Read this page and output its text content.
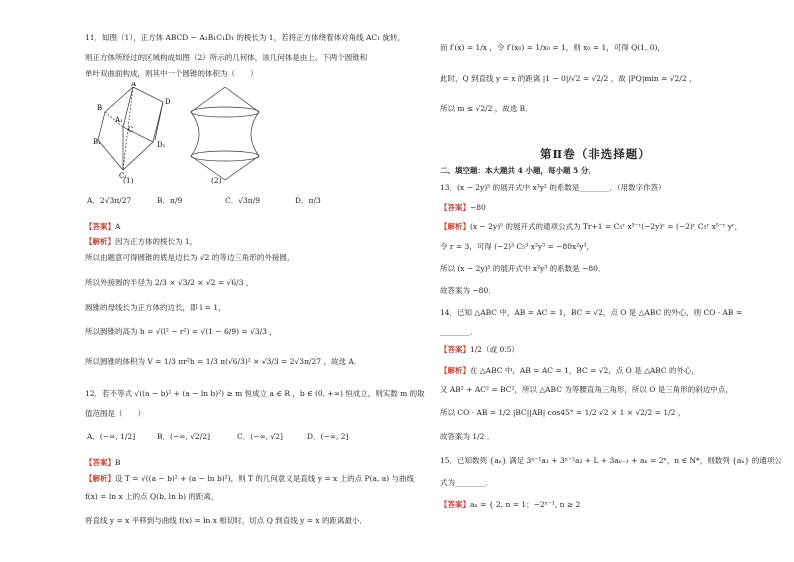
11．如图（1），正方体 ABCD − A₁B₁C₁D₁ 的棱长为 1，若将正方体绕着体对角线 AC₁ 旋转，
则正方体所经过的区域构成如图（2）所示的几何体，该几何体是由上、下两个圆锥和
单叶双曲面构成，则其中一个圆锥的体积为（　　）
A
B
A₁
D
B₁
C
D₁
C₁
(1)	(2)
A．2√3π/27	B．π/9	C．√3π/9	D．π/3
【答案】A
【解析】因为正方体的棱长为 1，
所以由题意可得圆锥的底是边长为 √2 的等边三角形的外接圆，
所以外接圆的半径为 2/3 × √3/2 × √2 = √6/3 ，
圆锥的母线长为正方体的边长，即 l = 1，
所以圆锥的高为 h = √(l² − r²) = √(1 − 6/9) = √3/3 ，
所以圆锥的体积为 V = 1/3 πr²h = 1/3 π(√6/3)² × √3/3 = 2√3π/27 ，故选 A．
12．若不等式 √((a − b)² + (a − ln b)²) ≥ m 恒成立 a ∈ R ，b ∈ (0, +∞) 恒成立，则实数 m 的取
值范围是（　　）
A．(−∞, 1/2]	B．(−∞, √2/2]	C．(−∞, √2]	D．(−∞, 2]
【答案】B
【解析】设 T = √((a − b)² + (a − ln b)²)，则 T 的几何意义是直线 y = x 上的点 P(a, a) 与曲线
f(x) = ln x 上的点 Q(b, ln b) 的距离，
将直线 y = x 平移到与曲线 f(x) = ln x 相切时，切点 Q 到直线 y = x 的距离最小．
而 f′(x) = 1/x ，令 f′(x₀) = 1/x₀ = 1，则 x₀ = 1，可得 Q(1, 0)，
此时，Q 到直线 y = x 的距离 |1 − 0|/√2 = √2/2 ，故 |PQ|min = √2/2 ，
所以 m ≤ √2/2 ，故选 B．
第Ⅱ卷（非选择题）
二、填空题：本大题共 4 小题，每小题 5 分．
13．(x − 2y)⁵ 的展开式中 x³y² 的系数是________．（用数字作答）
【答案】−80
【解析】(x − 2y)⁵ 的展开式的通项公式为 Tr+1 = C₅ʳ x⁵⁻ʳ(−2y)ʳ = (−2)ʳ C₅ʳ x⁵⁻ʳ yʳ，
令 r = 3，可得 (−2)³ C₅³ x²y³ = −80x²y³，
所以 (x − 2y)⁵ 的展开式中 x²y³ 的系数是 −80．
故答案为 −80．
14．已知 △ABC 中，AB = AC = 1，BC = √2，点 O 是 △ABC 的外心，则 CO · AB =
________．
【答案】1/2（或 0.5）
【解析】在 △ABC 中，AB = AC = 1，BC = √2，点 O 是 △ABC 的外心，
又 AB² + AC² = BC²，所以 △ABC 为等腰直角三角形，所以 O 是三角形的斜边中点，
所以 CO · AB = 1/2 |BC||AB| cos45° = 1/2 √2 × 1 × √2/2 = 1/2 ，
故答案为 1/2 ．
15．已知数列 {aₙ} 满足 3ⁿ⁻¹a₁ + 3ⁿ⁻²a₂ + L + 3aₙ₋₁ + aₙ = 2ⁿ，n ∈ N*，则数列 {aₙ} 的通项公
式为________．
【答案】aₙ = { 2, n = 1；−2ⁿ⁻¹, n ≥ 2
